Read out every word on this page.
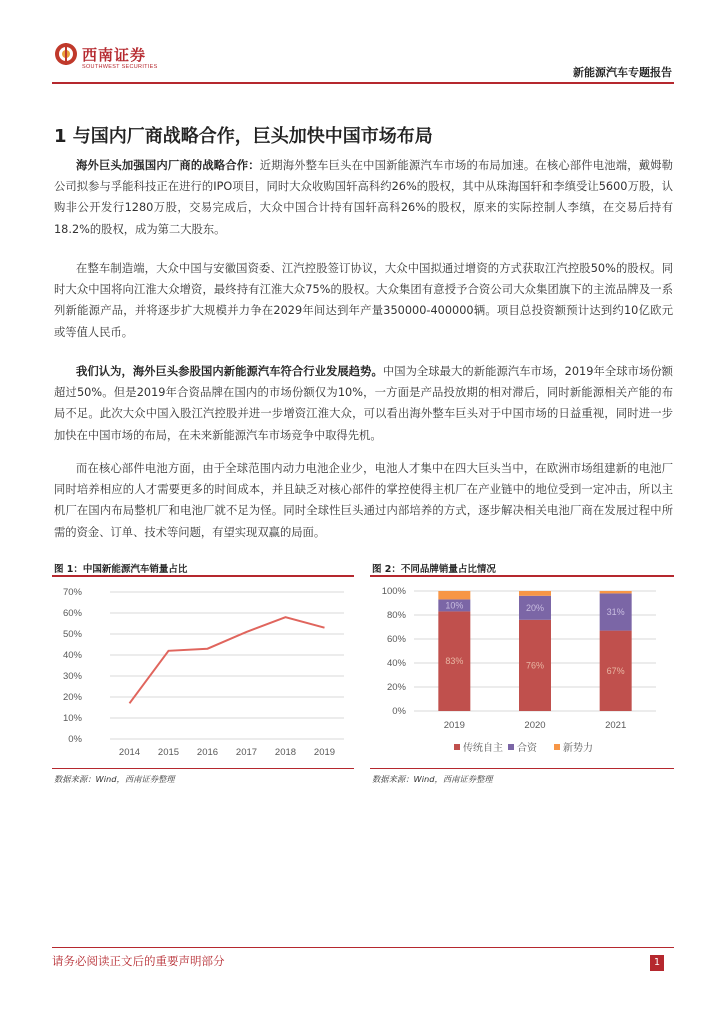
西南证券
SOUTHWEST SECURITIES	新能源汽车专题报告
1 与国内厂商战略合作，巨头加快中国市场布局
海外巨头加强国内厂商的战略合作：近期海外整车巨头在中国新能源汽车市场的布局加速。在核心部件电池端，戴姆勒公司拟参与孚能科技正在进行的IPO项目，同时大众收购国轩高科约26%的股权，其中从珠海国轩和李缜受让5600万股，认购非公开发行1280万股，交易完成后，大众中国合计持有国轩高科26%的股权，原来的实际控制人李缜，在交易后持有18.2%的股权，成为第二大股东。
在整车制造端，大众中国与安徽国资委、江汽控股签订协议，大众中国拟通过增资的方式获取江汽控股50%的股权。同时大众中国将向江淮大众增资，最终持有江淮大众75%的股权。大众集团有意授予合资公司大众集团旗下的主流品牌及一系列新能源产品，并将逐步扩大规模并力争在2029年间达到年产量350000-400000辆。项目总投资额预计达到约10亿欧元或等值人民币。
我们认为，海外巨头参股国内新能源汽车符合行业发展趋势。中国为全球最大的新能源汽车市场，2019年全球市场份额超过50%。但是2019年合资品牌在国内的市场份额仅为10%，一方面是产品投放期的相对滞后，同时新能源相关产能的布局不足。此次大众中国入股江汽控股并进一步增资江淮大众，可以看出海外整车巨头对于中国市场的日益重视，同时进一步加快在中国市场的布局，在未来新能源汽车市场竞争中取得先机。
而在核心部件电池方面，由于全球范围内动力电池企业少，电池人才集中在四大巨头当中，在欧洲市场组建新的电池厂同时培养相应的人才需要更多的时间成本，并且缺乏对核心部件的掌控使得主机厂在产业链中的地位受到一定冲击，所以主机厂在国内布局整机厂和电池厂就不足为怪。同时全球性巨头通过内部培养的方式，逐步解决相关电池厂商在发展过程中所需的资金、订单、技术等问题，有望实现双赢的局面。
图 1：中国新能源汽车销量占比
0%
10%
20%
30%
40%
50%
60%
70%
2014 2015 2016 2017 2018 2019
数据来源：Wind，西南证券整理
图 2：不同品牌销量占比情况
0%
20%
40%
60%
80%
100%
83%
10%
76%
20%
67%
31%
2019	2020	2021
传统自主 合资	新势力
数据来源：Wind，西南证券整理
请务必阅读正文后的重要声明部分	1
